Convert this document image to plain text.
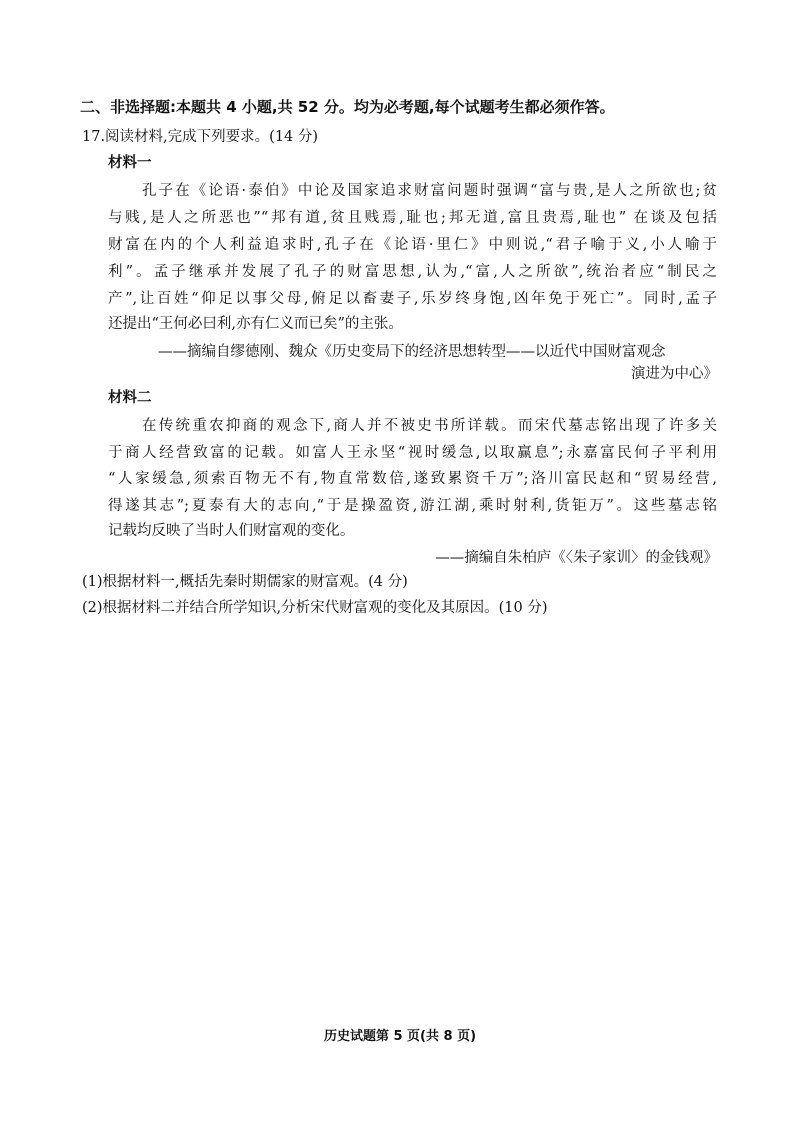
二、非选择题:本题共 4 小题,共 52 分。均为必考题,每个试题考生都必须作答。
17.阅读材料,完成下列要求。(14 分)
材料一
孔子在《论语·泰伯》中论及国家追求财富问题时强调“富与贵,是人之所欲也;贫
与贱,是人之所恶也”“邦有道,贫且贱焉,耻也;邦无道,富且贵焉,耻也” 在谈及包括
财富在内的个人利益追求时,孔子在《论语·里仁》中则说,“君子喻于义,小人喻于
利”。孟子继承并发展了孔子的财富思想,认为,“富,人之所欲”,统治者应“制民之
产”,让百姓“仰足以事父母,俯足以畜妻子,乐岁终身饱,凶年免于死亡”。同时,孟子
还提出“王何必曰利,亦有仁义而已矣”的主张。
——摘编自缪德刚、魏众《历史变局下的经济思想转型——以近代中国财富观念
演进为中心》
材料二
在传统重农抑商的观念下,商人并不被史书所详载。而宋代墓志铭出现了许多关
于商人经营致富的记载。如富人王永坚“视时缓急,以取赢息”;永嘉富民何子平利用
“人家缓急,须索百物无不有,物直常数倍,遂致累资千万”;洛川富民赵和“贸易经营,
得遂其志”;夏泰有大的志向,“于是操盈资,游江湖,乘时射利,货钜万”。这些墓志铭
记载均反映了当时人们财富观的变化。
——摘编自朱柏庐《〈朱子家训〉的金钱观》
(1)根据材料一,概括先秦时期儒家的财富观。(4 分)
(2)根据材料二并结合所学知识,分析宋代财富观的变化及其原因。(10 分)
历史试题第 5 页(共 8 页)
